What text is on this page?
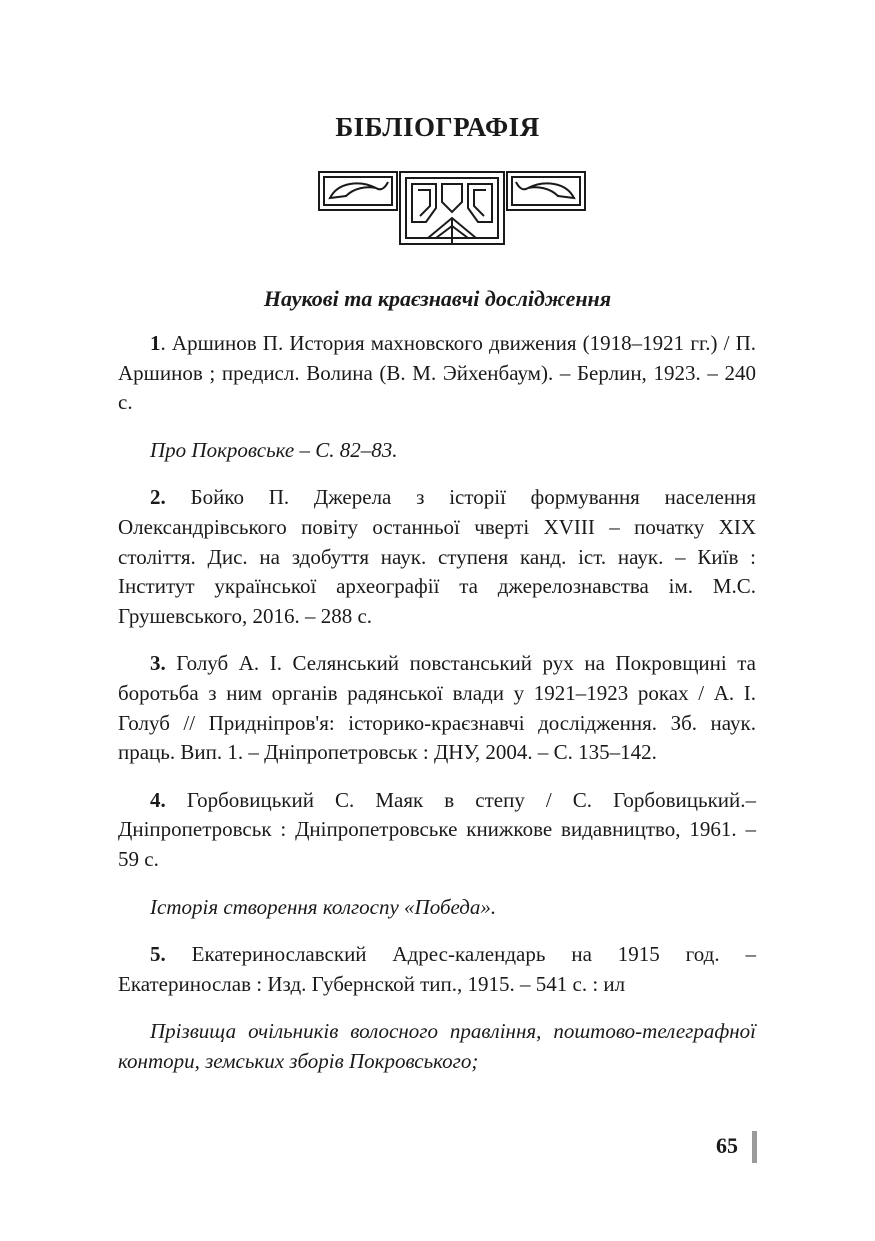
БІБЛІОГРАФІЯ
Наукові та краєзнавчі дослідження

1. Аршинов П. История махновского движения (1918–1921 гг.) / П. Аршинов ; предисл. Волина (В. М. Эйхенбаум). – Берлин, 1923. – 240 с.

Про Покровське – С. 82–83.

2. Бойко П. Джерела з історії формування населення Олександрівського повіту останньої чверті XVIII – початку XIX століття. Дис. на здобуття наук. ступеня канд. іст. наук. – Київ : Інститут української археографії та джерелознавства ім. М.С. Грушевського, 2016. – 288 с.

3. Голуб А. І. Селянський повстанський рух на Покровщині та боротьба з ним органів радянської влади у 1921–1923 роках / А. І. Голуб // Придніпров'я: історико-краєзнавчі дослідження. Зб. наук. праць. Вип. 1. – Дніпропетровськ : ДНУ, 2004. – С. 135–142.

4. Горбовицький С. Маяк в степу / С. Горбовицький.– Дніпропетровськ : Дніпропетровське книжкове видавництво, 1961. – 59 с.

Історія створення колгоспу «Победа».

5. Екатеринославский Адрес-календарь на 1915 год. – Екатеринослав : Изд. Губернской тип., 1915. – 541 с. : ил

Прізвища очільників волосного правління, поштово-телеграфної контори, земських зборів Покровського;

65
